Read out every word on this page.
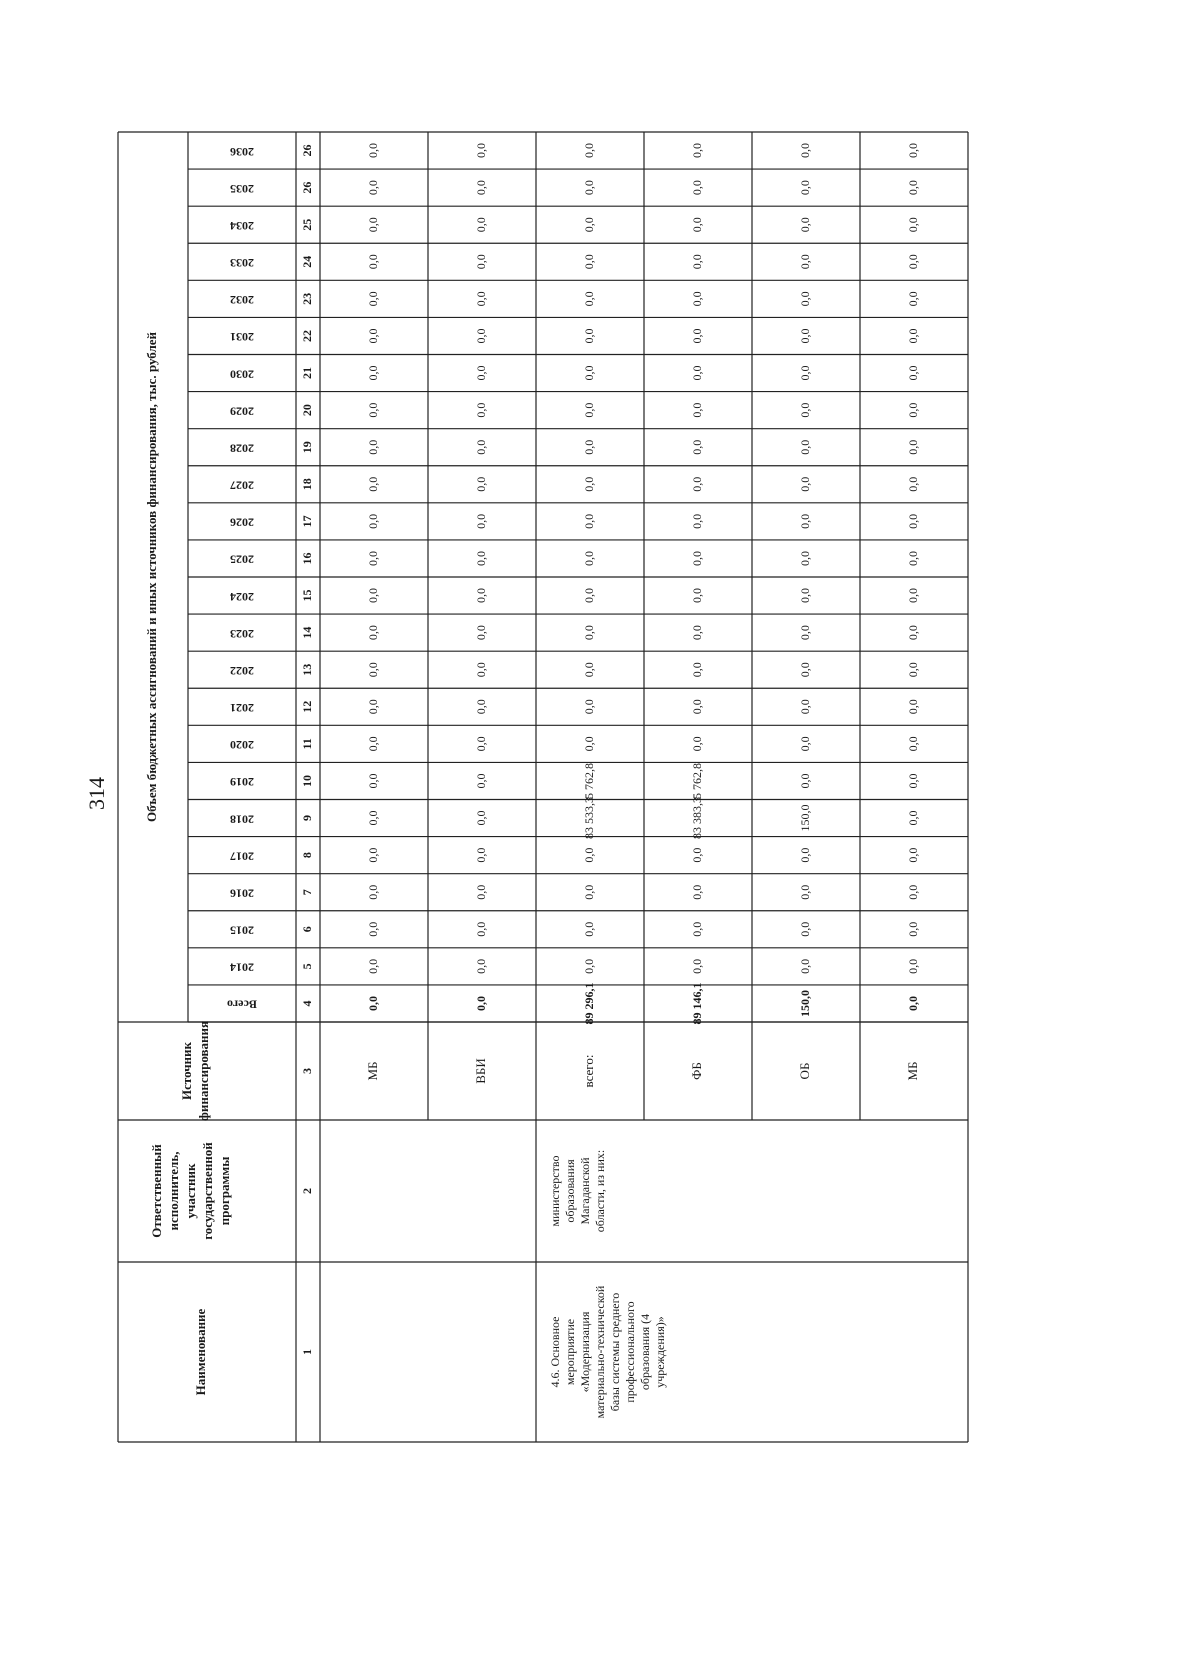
314
Наименование
Ответственный исполнитель, участник государственной программы
Источник финансирования
Объем бюджетных ассигнований и иных источников финансирования, тыс. рублей
Всего
2014
2015
2016
2017
2018
2019
2020
2021
2022
2023
2024
2025
2026
2027
2028
2029
2030
2031
2032
2033
2034
2035
2036
1
2
3
4
5
6
7
8
9
10
11
12
13
14
15
16
17
18
19
20
21
22
23
24
25
26
26
МБ
0,0
0,0
0,0
0,0
0,0
0,0
0,0
0,0
0,0
0,0
0,0
0,0
0,0
0,0
0,0
0,0
0,0
0,0
0,0
0,0
0,0
0,0
0,0
0,0
ВБИ
0,0
0,0
0,0
0,0
0,0
0,0
0,0
0,0
0,0
0,0
0,0
0,0
0,0
0,0
0,0
0,0
0,0
0,0
0,0
0,0
0,0
0,0
0,0
0,0
всего:
89 296,1
0,0
0,0
0,0
0,0
83 533,3
5 762,8
0,0
0,0
0,0
0,0
0,0
0,0
0,0
0,0
0,0
0,0
0,0
0,0
0,0
0,0
0,0
0,0
0,0
ФБ
89 146,1
0,0
0,0
0,0
0,0
83 383,3
5 762,8
0,0
0,0
0,0
0,0
0,0
0,0
0,0
0,0
0,0
0,0
0,0
0,0
0,0
0,0
0,0
0,0
0,0
ОБ
150,0
0,0
0,0
0,0
0,0
150,0
0,0
0,0
0,0
0,0
0,0
0,0
0,0
0,0
0,0
0,0
0,0
0,0
0,0
0,0
0,0
0,0
0,0
0,0
МБ
0,0
0,0
0,0
0,0
0,0
0,0
0,0
0,0
0,0
0,0
0,0
0,0
0,0
0,0
0,0
0,0
0,0
0,0
0,0
0,0
0,0
0,0
0,0
0,0
4.6. Основное мероприятие «Модернизация материально-технической базы системы среднего профессионального образования (4 учреждения)»
министерство образования Магаданской области, из них:
